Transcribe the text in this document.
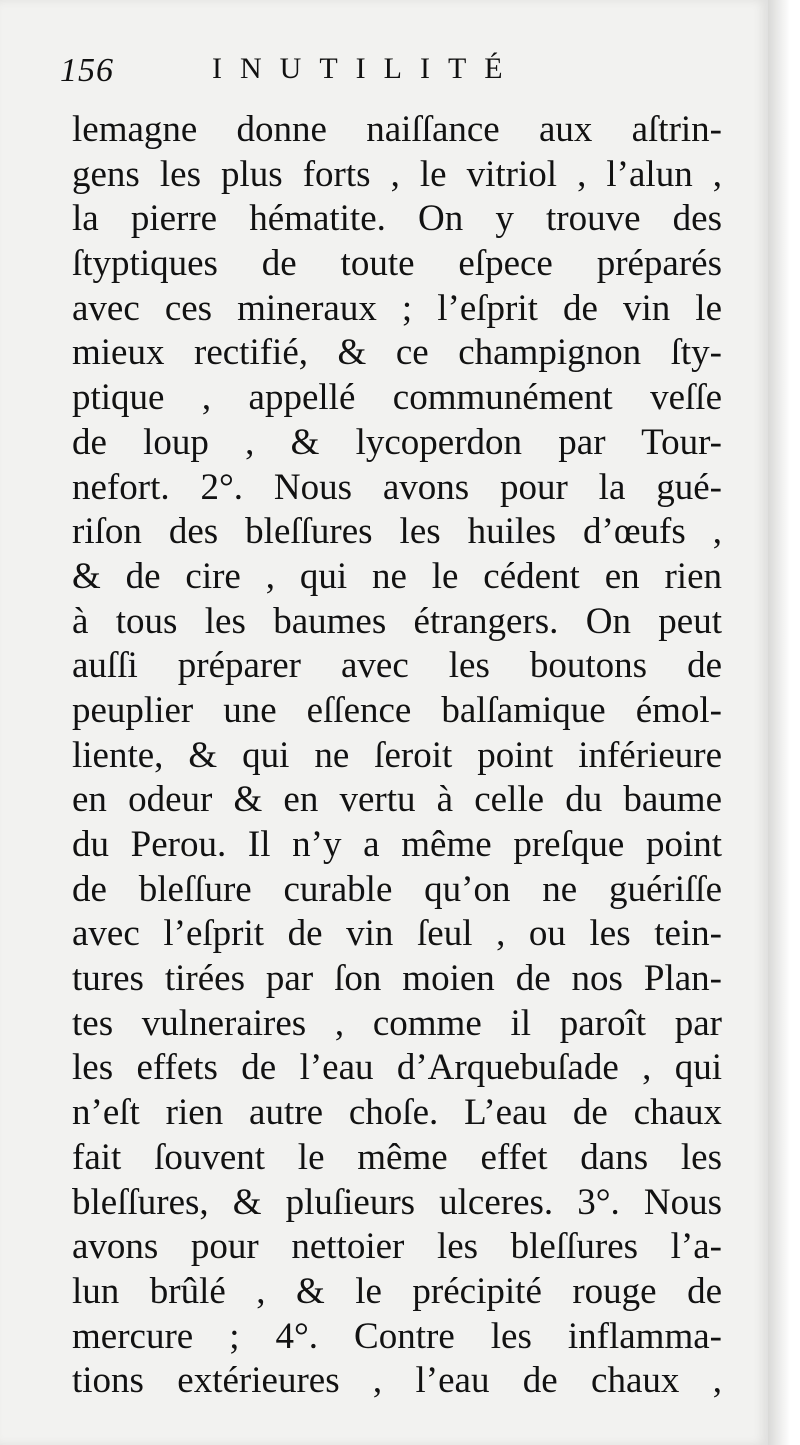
156	INUTILITÉ
lemagne donne naiſſance aux aſtrin-
gens les plus forts , le vitriol , l’alun ,
la pierre hématite. On y trouve des
ſtyptiques de toute eſpece préparés
avec ces mineraux ; l’eſprit de vin le
mieux rectifié, & ce champignon ſty-
ptique , appellé communément veſſe
de loup , & lycoperdon par Tour-
nefort. 2°. Nous avons pour la gué-
riſon des bleſſures les huiles d’œufs ,
& de cire , qui ne le cédent en rien
à tous les baumes étrangers. On peut
auſſi préparer avec les boutons de
peuplier une eſſence balſamique émol-
liente, & qui ne ſeroit point inférieure
en odeur & en vertu à celle du baume
du Perou. Il n’y a même preſque point
de bleſſure curable qu’on ne guériſſe
avec l’eſprit de vin ſeul , ou les tein-
tures tirées par ſon moien de nos Plan-
tes vulneraires , comme il paroît par
les effets de l’eau d’Arquebuſade , qui
n’eſt rien autre choſe. L’eau de chaux
fait ſouvent le même effet dans les
bleſſures, & pluſieurs ulceres. 3°. Nous
avons pour nettoier les bleſſures l’a-
lun brûlé , & le précipité rouge de
mercure ; 4°. Contre les inflamma-
tions extérieures , l’eau de chaux ,
